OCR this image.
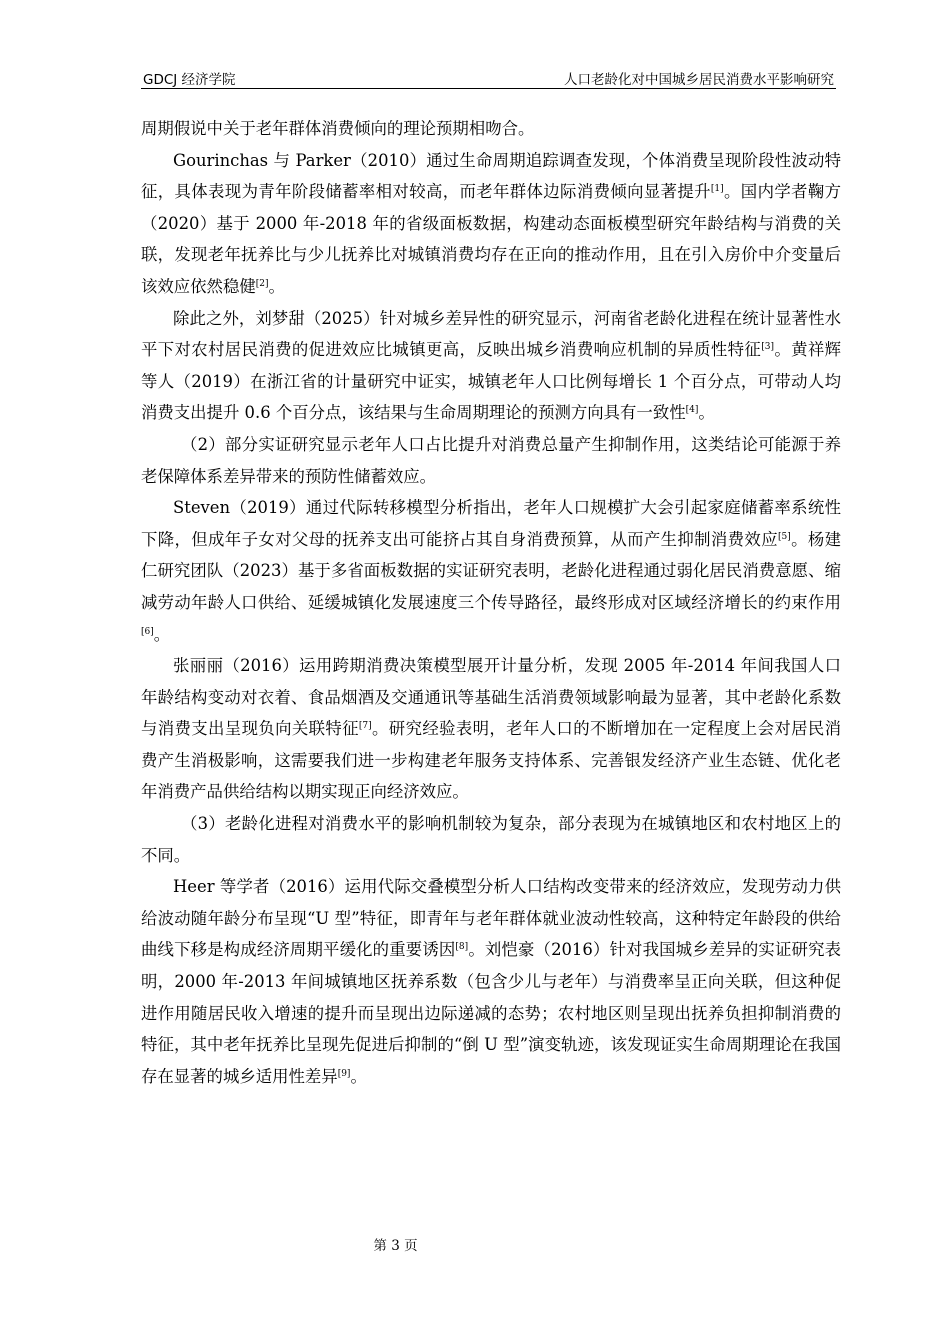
GDCJ 经济学院	人口老龄化对中国城乡居民消费水平影响研究

周期假说中关于老年群体消费倾向的理论预期相吻合。

Gourinchas 与 Parker（2010）通过生命周期追踪调查发现，个体消费呈现阶段性波动特征，具体表现为青年阶段储蓄率相对较高，而老年群体边际消费倾向显著提升[1]。国内学者鞠方（2020）基于 2000 年-2018 年的省级面板数据，构建动态面板模型研究年龄结构与消费的关联，发现老年抚养比与少儿抚养比对城镇消费均存在正向的推动作用，且在引入房价中介变量后该效应依然稳健[2]。

除此之外，刘梦甜（2025）针对城乡差异性的研究显示，河南省老龄化进程在统计显著性水平下对农村居民消费的促进效应比城镇更高，反映出城乡消费响应机制的异质性特征[3]。黄祥辉等人（2019）在浙江省的计量研究中证实，城镇老年人口比例每增长 1 个百分点，可带动人均消费支出提升 0.6 个百分点，该结果与生命周期理论的预测方向具有一致性[4]。

（2）部分实证研究显示老年人口占比提升对消费总量产生抑制作用，这类结论可能源于养老保障体系差异带来的预防性储蓄效应。

Steven（2019）通过代际转移模型分析指出，老年人口规模扩大会引起家庭储蓄率系统性下降，但成年子女对父母的抚养支出可能挤占其自身消费预算，从而产生抑制消费效应[5]。杨建仁研究团队（2023）基于多省面板数据的实证研究表明，老龄化进程通过弱化居民消费意愿、缩减劳动年龄人口供给、延缓城镇化发展速度三个传导路径，最终形成对区域经济增长的约束作用[6]。

张丽丽（2016）运用跨期消费决策模型展开计量分析，发现 2005 年-2014 年间我国人口年龄结构变动对衣着、食品烟酒及交通通讯等基础生活消费领域影响最为显著，其中老龄化系数与消费支出呈现负向关联特征[7]。研究经验表明，老年人口的不断增加在一定程度上会对居民消费产生消极影响，这需要我们进一步构建老年服务支持体系、完善银发经济产业生态链、优化老年消费产品供给结构以期实现正向经济效应。

（3）老龄化进程对消费水平的影响机制较为复杂，部分表现为在城镇地区和农村地区上的不同。

Heer 等学者（2016）运用代际交叠模型分析人口结构改变带来的经济效应，发现劳动力供给波动随年龄分布呈现“U 型”特征，即青年与老年群体就业波动性较高，这种特定年龄段的供给曲线下移是构成经济周期平缓化的重要诱因[8]。刘恺豪（2016）针对我国城乡差异的实证研究表明，2000 年-2013 年间城镇地区抚养系数（包含少儿与老年）与消费率呈正向关联，但这种促进作用随居民收入增速的提升而呈现出边际递减的态势；农村地区则呈现出抚养负担抑制消费的特征，其中老年抚养比呈现先促进后抑制的“倒 U 型”演变轨迹，该发现证实生命周期理论在我国存在显著的城乡适用性差异[9]。

第 3 页
